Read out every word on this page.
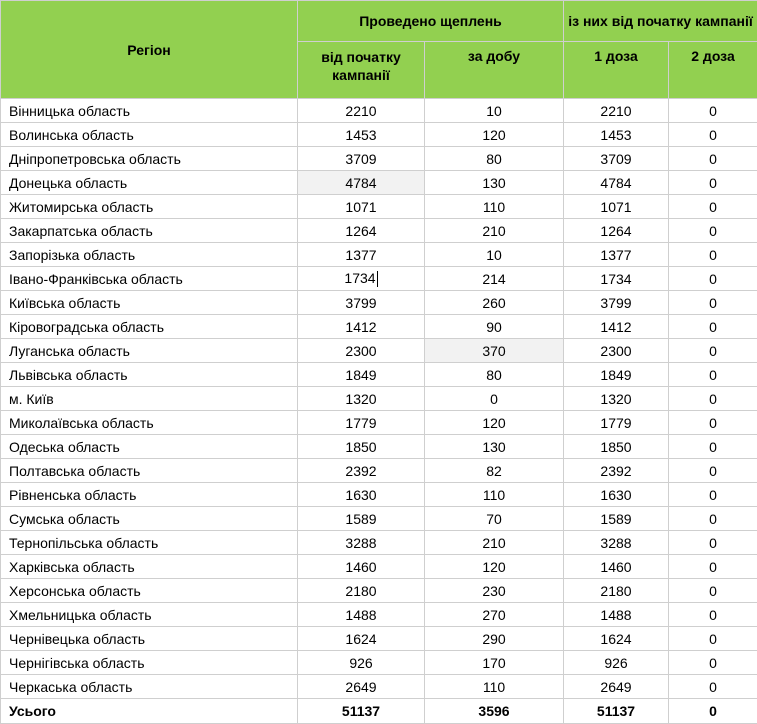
Регіон	Проведено щеплень		із них від початку кампанії	
	від початку кампанії	за добу	1 доза	2 доза
Вінницька область	2210	10	2210	0
Волинська область	1453	120	1453	0
Дніпропетровська область	3709	80	3709	0
Донецька область	4784	130	4784	0
Житомирська область	1071	110	1071	0
Закарпатська область	1264	210	1264	0
Запорізька область	1377	10	1377	0
Івано-Франківська область	1734	214	1734	0
Київська область	3799	260	3799	0
Кіровоградська область	1412	90	1412	0
Луганська область	2300	370	2300	0
Львівська область	1849	80	1849	0
м. Київ	1320	0	1320	0
Миколаївська область	1779	120	1779	0
Одеська область	1850	130	1850	0
Полтавська область	2392	82	2392	0
Рівненська область	1630	110	1630	0
Сумська область	1589	70	1589	0
Тернопільська область	3288	210	3288	0
Харківська область	1460	120	1460	0
Херсонська область	2180	230	2180	0
Хмельницька область	1488	270	1488	0
Чернівецька область	1624	290	1624	0
Чернігівська область	926	170	926	0
Черкаська область	2649	110	2649	0
Усього	51137	3596	51137	0
